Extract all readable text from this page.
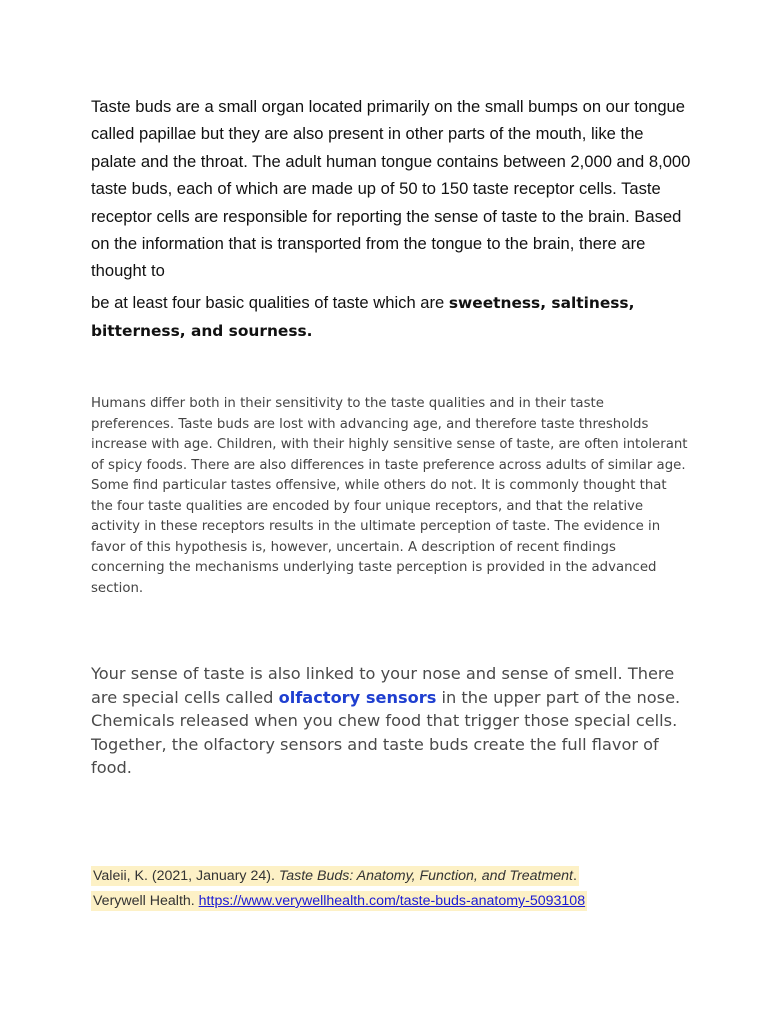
Taste buds are a small organ located primarily on the small bumps on our tongue called papillae but they are also present in other parts of the mouth, like the palate and the throat. The adult human tongue contains between 2,000 and 8,000 taste buds, each of which are made up of 50 to 150 taste receptor cells. Taste receptor cells are responsible for reporting the sense of taste to the brain. Based on the information that is transported from the tongue to the brain, there are thought to
be at least four basic qualities of taste which are sweetness, saltiness, bitterness, and sourness.

Humans differ both in their sensitivity to the taste qualities and in their taste preferences. Taste buds are lost with advancing age, and therefore taste thresholds increase with age. Children, with their highly sensitive sense of taste, are often intolerant of spicy foods. There are also differences in taste preference across adults of similar age. Some find particular tastes offensive, while others do not. It is commonly thought that the four taste qualities are encoded by four unique receptors, and that the relative activity in these receptors results in the ultimate perception of taste. The evidence in favor of this hypothesis is, however, uncertain. A description of recent findings concerning the mechanisms underlying taste perception is provided in the advanced section.

Your sense of taste is also linked to your nose and sense of smell. There are special cells called olfactory sensors in the upper part of the nose. Chemicals released when you chew food that trigger those special cells. Together, the olfactory sensors and taste buds create the full flavor of food.

Valeii, K. (2021, January 24). Taste Buds: Anatomy, Function, and Treatment.
Verywell Health. https://www.verywellhealth.com/taste-buds-anatomy-5093108
